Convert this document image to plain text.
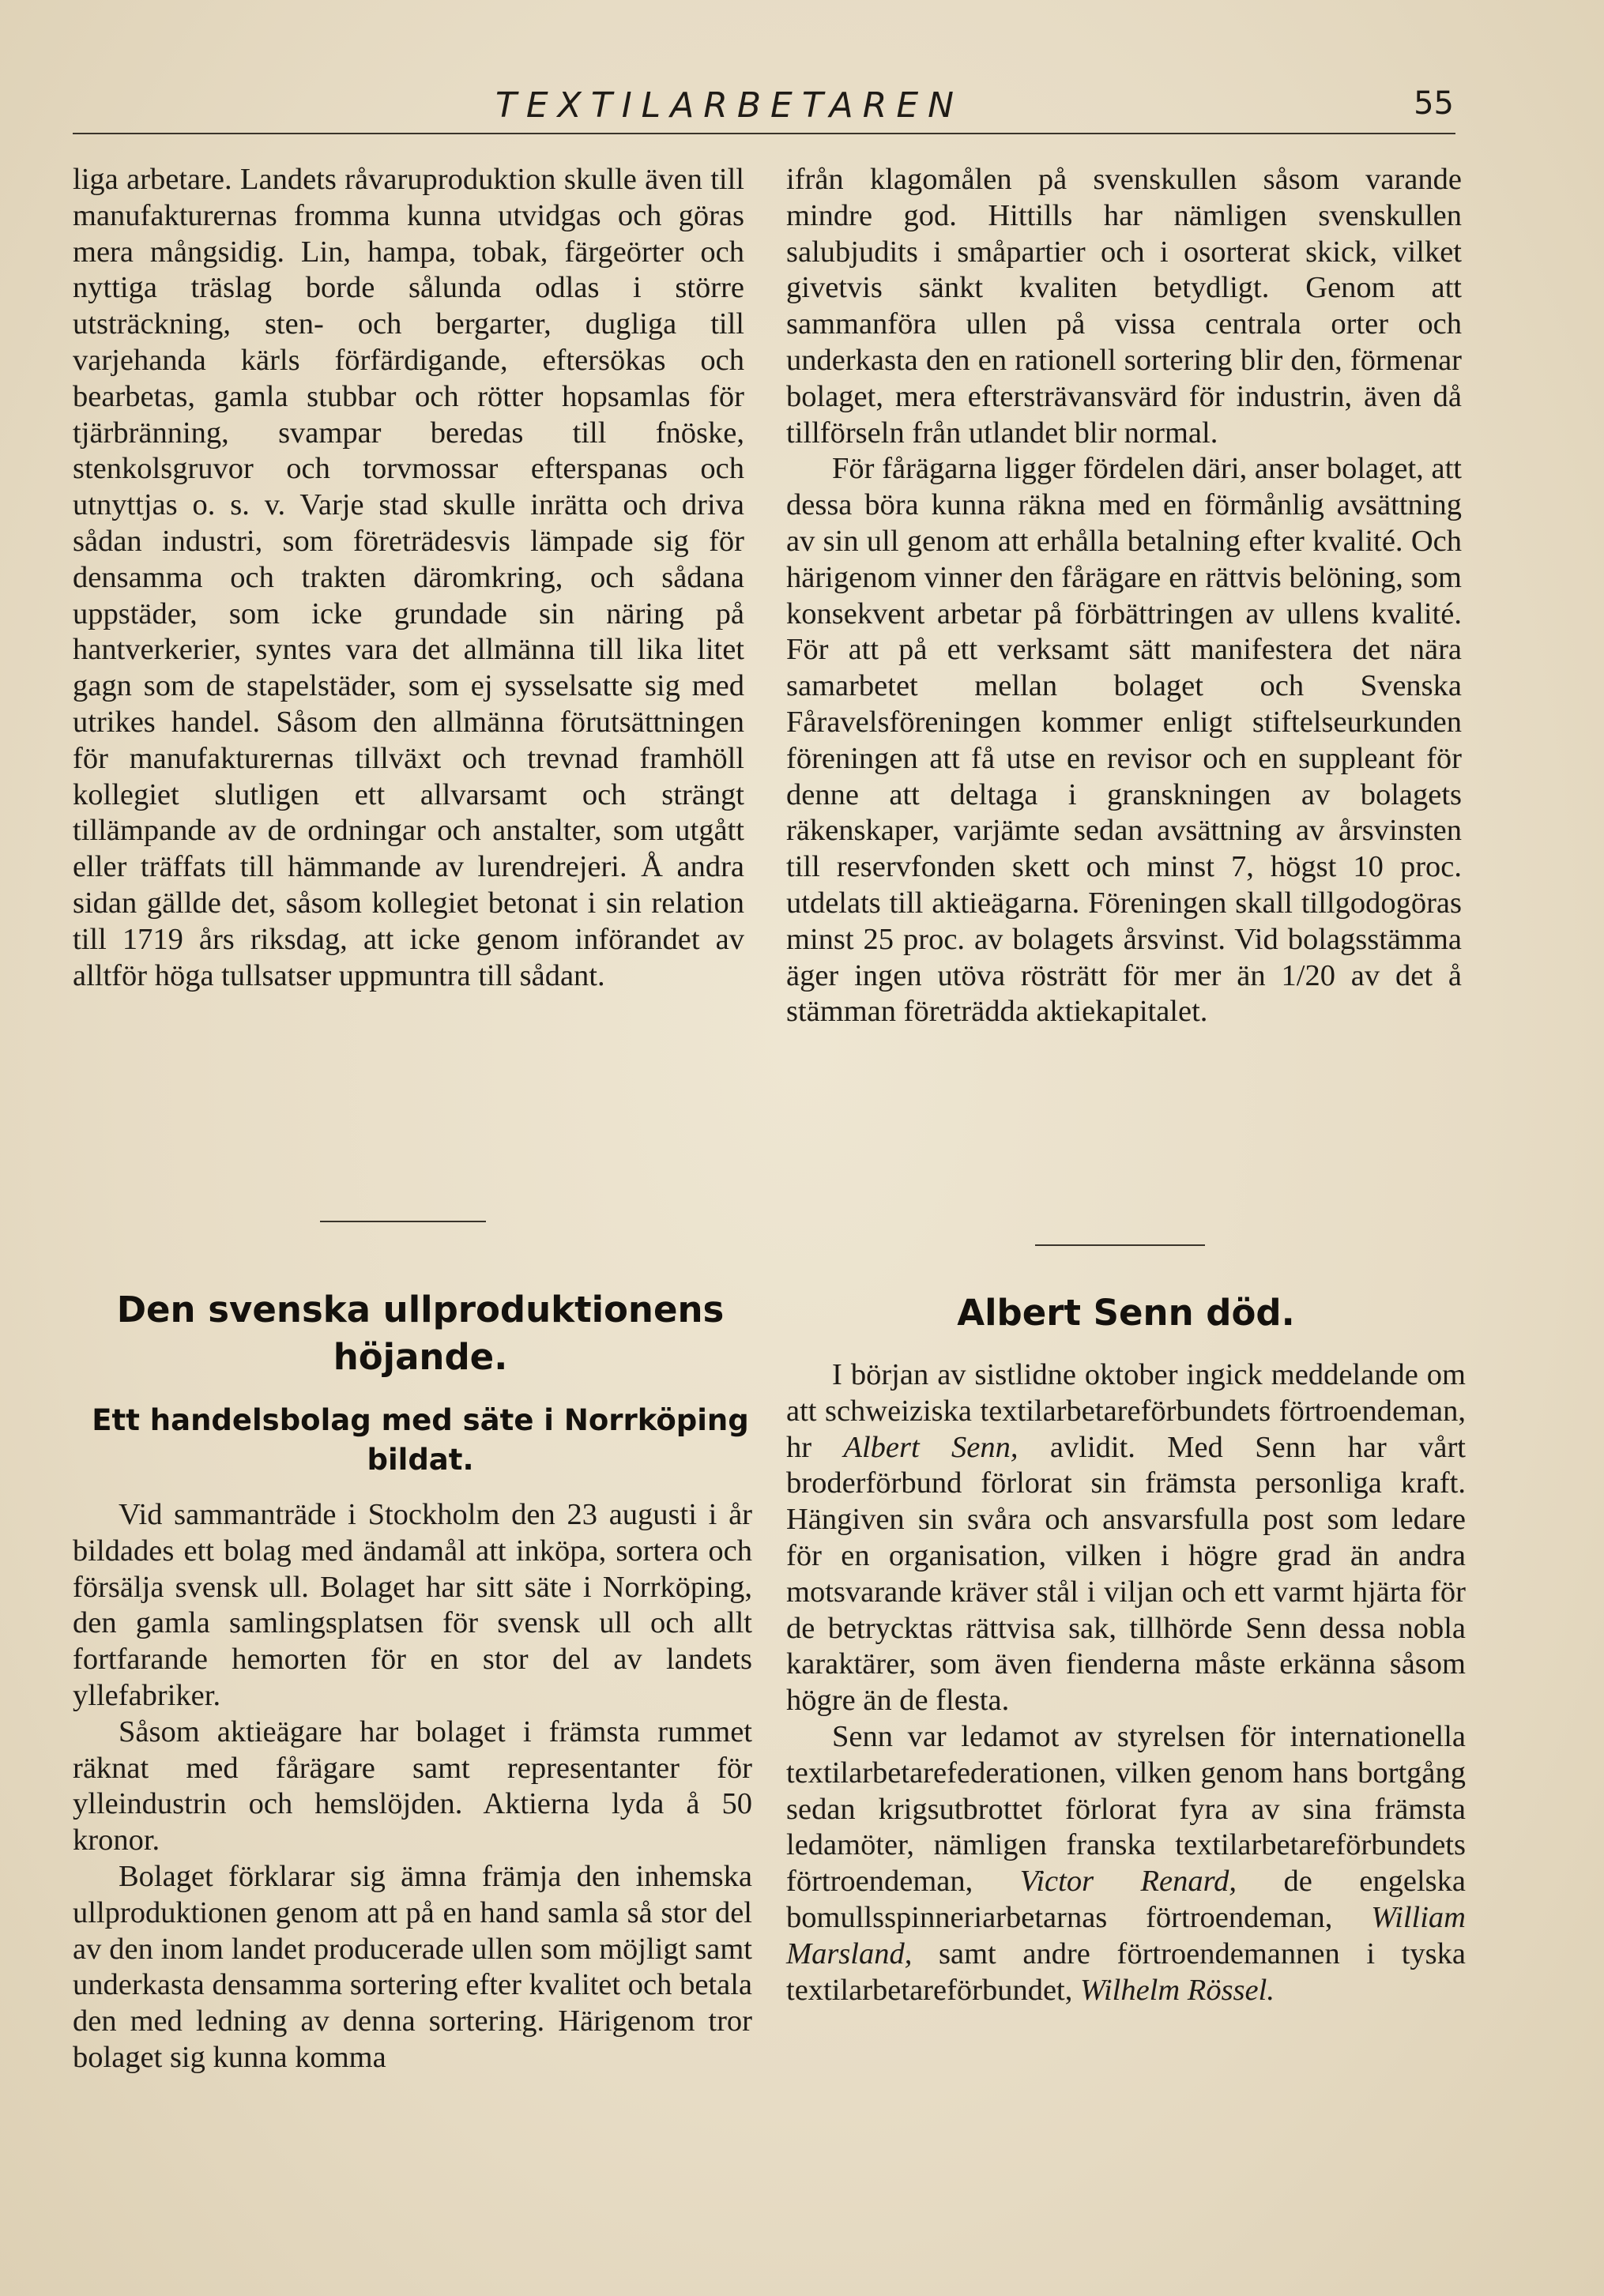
TEXTILARBETAREN	55

liga arbetare. Landets råvaruproduktion skulle även till manufakturernas fromma kunna utvidgas och göras mera mångsidig. Lin, hampa, tobak, färgeörter och nyttiga träslag borde sålunda odlas i större utsträckning, sten- och bergarter, dugliga till varjehanda kärls förfärdigande, eftersökas och bearbetas, gamla stubbar och rötter hopsamlas för tjärbränning, svampar beredas till fnöske, stenkolsgruvor och torvmossar efterspanas och utnyttjas o. s. v. Varje stad skulle inrätta och driva sådan industri, som företrädesvis lämpade sig för densamma och trakten däromkring, och sådana uppstäder, som icke grundade sin näring på hantverkerier, syntes vara det allmänna till lika litet gagn som de stapelstäder, som ej sysselsatte sig med utrikes handel. Såsom den allmänna förutsättningen för manufakturernas tillväxt och trevnad framhöll kollegiet slutligen ett allvarsamt och strängt tillämpande av de ordningar och anstalter, som utgått eller träffats till hämmande av lurendrejeri. Å andra sidan gällde det, såsom kollegiet betonat i sin relation till 1719 års riksdag, att icke genom införandet av alltför höga tullsatser uppmuntra till sådant.

ifrån klagomålen på svenskullen såsom varande mindre god. Hittills har nämligen svenskullen salubjudits i småpartier och i osorterat skick, vilket givetvis sänkt kvaliten betydligt. Genom att sammanföra ullen på vissa centrala orter och underkasta den en rationell sortering blir den, förmenar bolaget, mera eftersträvansvärd för industrin, även då tillförseln från utlandet blir normal.

För fårägarna ligger fördelen däri, anser bolaget, att dessa böra kunna räkna med en förmånlig avsättning av sin ull genom att erhålla betalning efter kvalité. Och härigenom vinner den fårägare en rättvis belöning, som konsekvent arbetar på förbättringen av ullens kvalité. För att på ett verksamt sätt manifestera det nära samarbetet mellan bolaget och Svenska Fåravelsföreningen kommer enligt stiftelseurkunden föreningen att få utse en revisor och en suppleant för denne att deltaga i granskningen av bolagets räkenskaper, varjämte sedan avsättning av årsvinsten till reservfonden skett och minst 7, högst 10 proc. utdelats till aktieägarna. Föreningen skall tillgodogöras minst 25 proc. av bolagets årsvinst. Vid bolagsstämma äger ingen utöva rösträtt för mer än 1/20 av det å stämman företrädda aktiekapitalet.

Den svenska ullproduktionens höjande.
Ett handelsbolag med säte i Norrköping bildat.

Vid sammanträde i Stockholm den 23 augusti i år bildades ett bolag med ändamål att inköpa, sortera och försälja svensk ull. Bolaget har sitt säte i Norrköping, den gamla samlingsplatsen för svensk ull och allt fortfarande hemorten för en stor del av landets yllefabriker.

Såsom aktieägare har bolaget i främsta rummet räknat med fårägare samt representanter för ylleindustrin och hemslöjden. Aktierna lyda å 50 kronor.

Bolaget förklarar sig ämna främja den inhemska ullproduktionen genom att på en hand samla så stor del av den inom landet producerade ullen som möjligt samt underkasta densamma sortering efter kvalitet och betala den med ledning av denna sortering. Härigenom tror bolaget sig kunna komma

Albert Senn död.

I början av sistlidne oktober ingick meddelande om att schweiziska textilarbetareförbundets förtroendeman, hr Albert Senn, avlidit. Med Senn har vårt broderförbund förlorat sin främsta personliga kraft. Hängiven sin svåra och ansvarsfulla post som ledare för en organisation, vilken i högre grad än andra motsvarande kräver stål i viljan och ett varmt hjärta för de betrycktas rättvisa sak, tillhörde Senn dessa nobla karaktärer, som även fienderna måste erkänna såsom högre än de flesta.

Senn var ledamot av styrelsen för internationella textilarbetarefederationen, vilken genom hans bortgång sedan krigsutbrottet förlorat fyra av sina främsta ledamöter, nämligen franska textilarbetareförbundets förtroendeman, Victor Renard, de engelska bomullsspinneriarbetarnas förtroendeman, William Marsland, samt andre förtroendemannen i tyska textilarbetareförbundet, Wilhelm Rössel.
